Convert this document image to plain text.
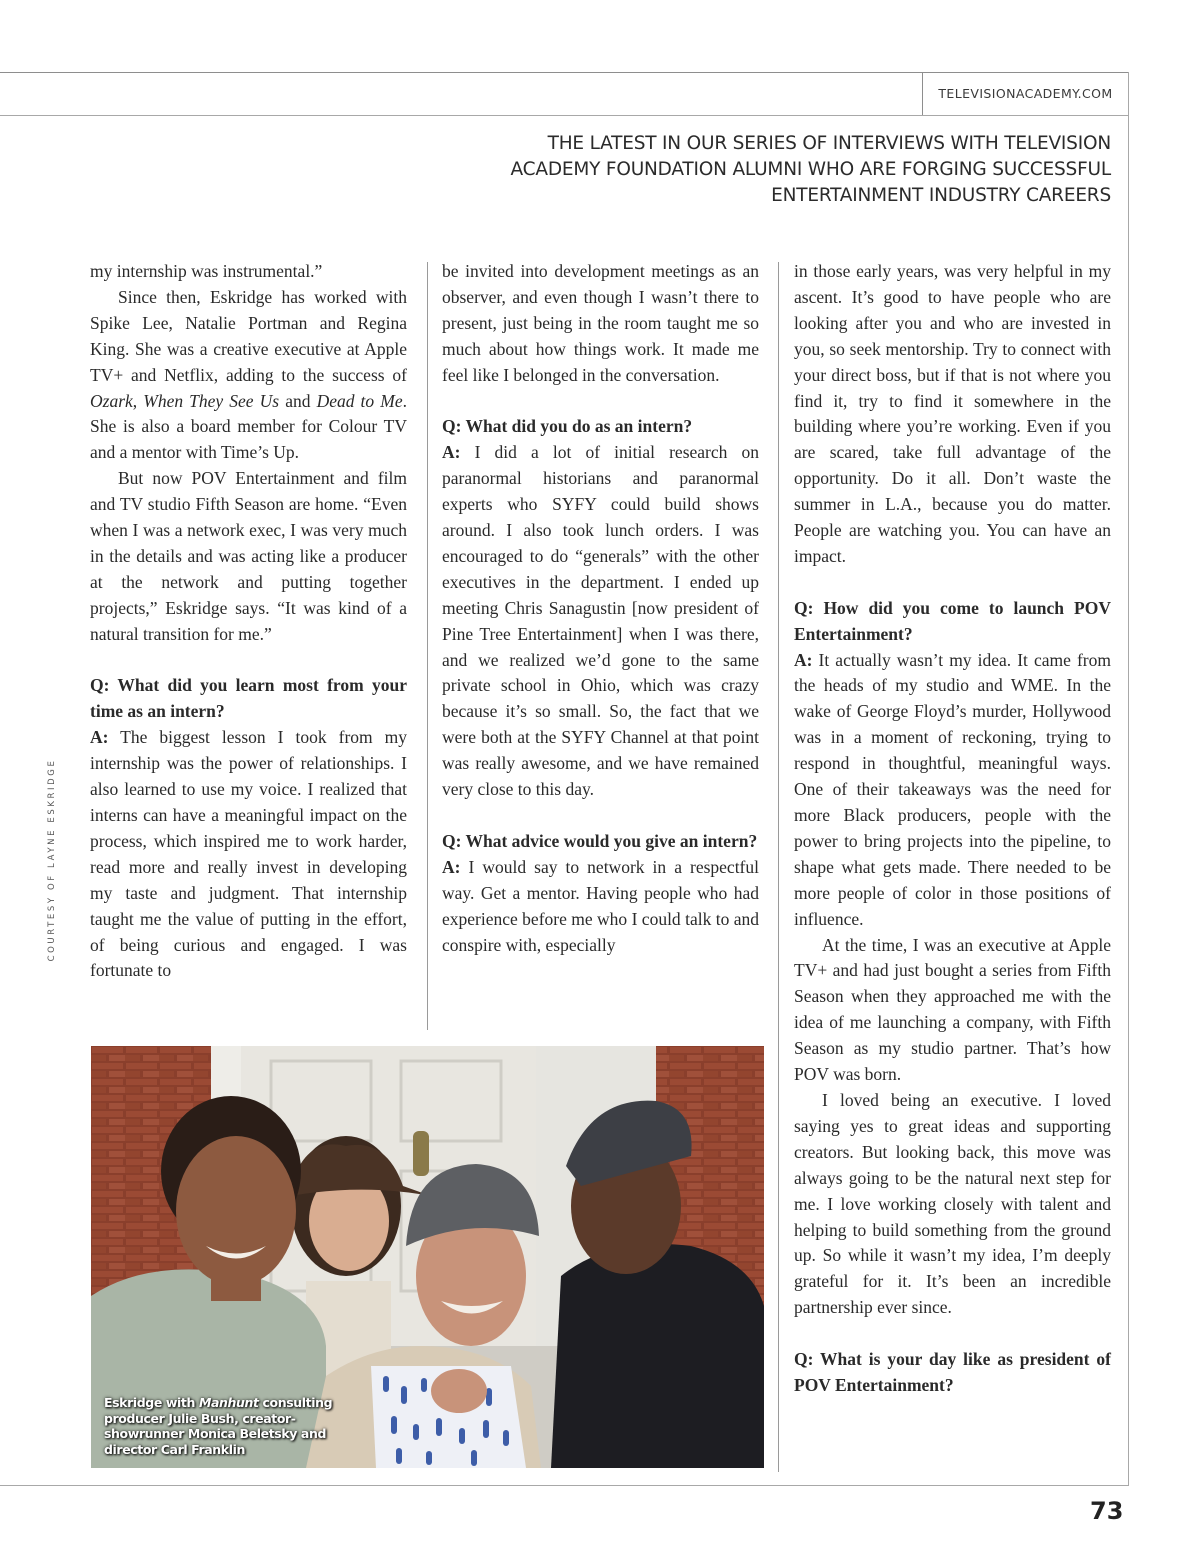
TELEVISIONACADEMY.COM
THE LATEST IN OUR SERIES OF INTERVIEWS WITH TELEVISION
ACADEMY FOUNDATION ALUMNI WHO ARE FORGING SUCCESSFUL
ENTERTAINMENT INDUSTRY CAREERS
COURTESY OF LAYNE ESKRIDGE

my internship was instrumental.”

Since then, Eskridge has worked with Spike Lee, Natalie Portman and Regina King. She was a creative executive at Apple TV+ and Netflix, adding to the success of Ozark, When They See Us and Dead to Me. She is also a board member for Colour TV and a mentor with Time’s Up.

But now POV Entertainment and film and TV studio Fifth Season are home. “Even when I was a network exec, I was very much in the details and was acting like a producer at the network and putting together projects,” Eskridge says. “It was kind of a natural transition for me.”

Q: What did you learn most from your time as an intern?

A: The biggest lesson I took from my internship was the power of relationships. I also learned to use my voice. I realized that interns can have a meaningful impact on the process, which inspired me to work harder, read more and really invest in developing my taste and judgment. That internship taught me the value of putting in the effort, of being curious and engaged. I was fortunate to

be invited into development meetings as an observer, and even though I wasn’t there to present, just being in the room taught me so much about how things work. It made me feel like I belonged in the conversation.

Q: What did you do as an intern?

A: I did a lot of initial research on paranormal historians and paranormal experts who SYFY could build shows around. I also took lunch orders. I was encouraged to do “generals” with the other executives in the department. I ended up meeting Chris Sanagustin [now president of Pine Tree Entertainment] when I was there, and we realized we’d gone to the same private school in Ohio, which was crazy because it’s so small. So, the fact that we were both at the SYFY Channel at that point was really awesome, and we have remained very close to this day.

Q: What advice would you give an intern?

A: I would say to network in a respectful way. Get a mentor. Having people who had experience before me who I could talk to and conspire with, especially

in those early years, was very helpful in my ascent. It’s good to have people who are looking after you and who are invested in you, so seek mentorship. Try to connect with your direct boss, but if that is not where you find it, try to find it somewhere in the building where you’re working. Even if you are scared, take full advantage of the opportunity. Do it all. Don’t waste the summer in L.A., because you do matter. People are watching you. You can have an impact.

Q: How did you come to launch POV Entertainment?

A: It actually wasn’t my idea. It came from the heads of my studio and WME. In the wake of George Floyd’s murder, Hollywood was in a moment of reckoning, trying to respond in thoughtful, meaningful ways. One of their takeaways was the need for more Black producers, people with the power to bring projects into the pipeline, to shape what gets made. There needed to be more people of color in those positions of influence.

At the time, I was an executive at Apple TV+ and had just bought a series from Fifth Season when they approached me with the idea of me launching a company, with Fifth Season as my studio partner. That’s how POV was born.

I loved being an executive. I loved saying yes to great ideas and supporting creators. But looking back, this move was always going to be the natural next step for me. I love working closely with talent and helping to build something from the ground up. So while it wasn’t my idea, I’m deeply grateful for it. It’s been an incredible partnership ever since.

Q: What is your day like as president of POV Entertainment?

Eskridge with Manhunt consulting producer Julie Bush, creator-showrunner Monica Beletsky and director Carl Franklin
73
